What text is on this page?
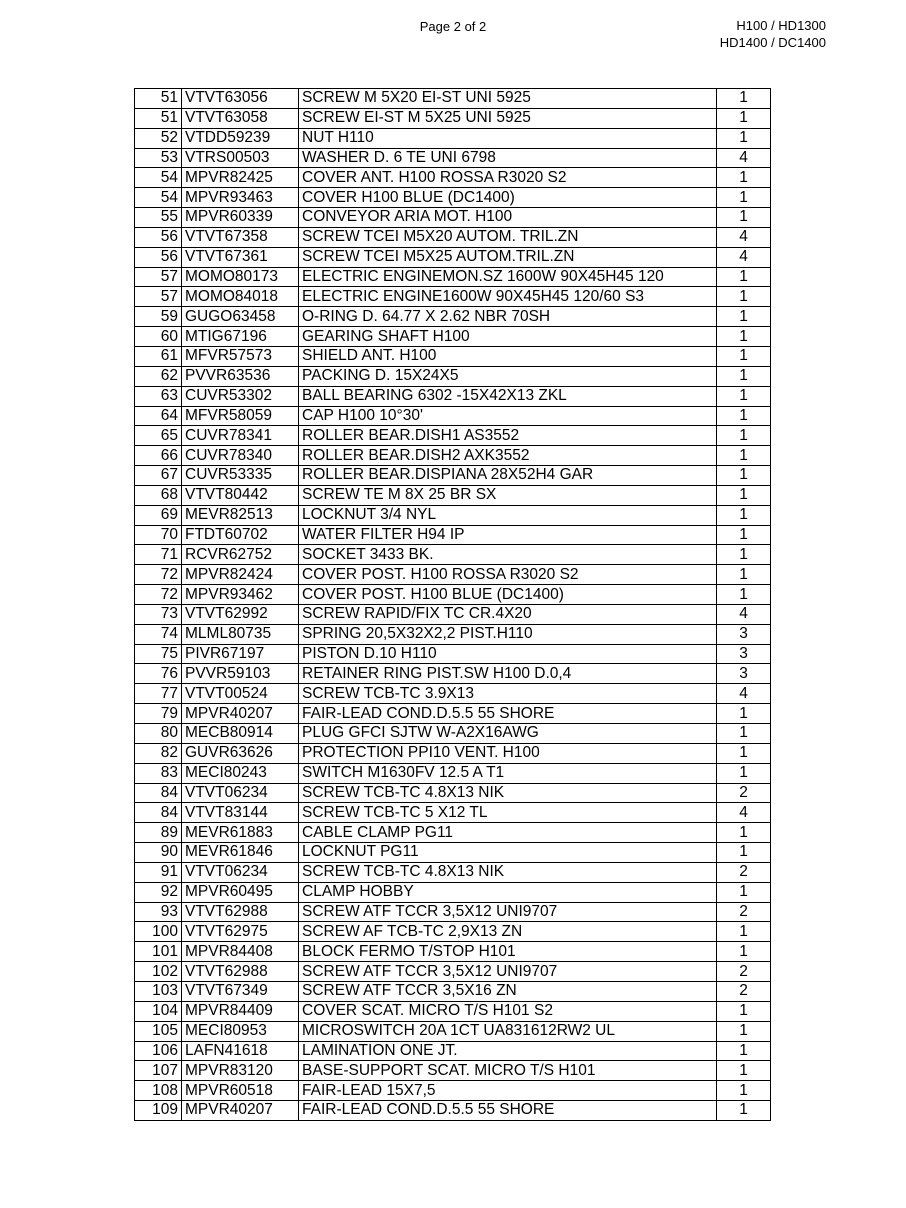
Page 2 of 2	H100 / HD1300
HD1400 / DC1400
51	VTVT63056	SCREW M 5X20 EI-ST UNI 5925	1
51	VTVT63058	SCREW EI-ST M 5X25 UNI 5925	1
52	VTDD59239	NUT H110	1
53	VTRS00503	WASHER D. 6 TE UNI 6798	4
54	MPVR82425	COVER ANT. H100 ROSSA R3020 S2	1
54	MPVR93463	COVER H100 BLUE (DC1400)	1
55	MPVR60339	CONVEYOR ARIA MOT. H100	1
56	VTVT67358	SCREW TCEI M5X20 AUTOM. TRIL.ZN	4
56	VTVT67361	SCREW TCEI M5X25 AUTOM.TRIL.ZN	4
57	MOMO80173	ELECTRIC ENGINEMON.SZ 1600W 90X45H45 120	1
57	MOMO84018	ELECTRIC ENGINE1600W 90X45H45 120/60 S3	1
59	GUGO63458	O-RING D. 64.77 X 2.62 NBR 70SH	1
60	MTIG67196	GEARING SHAFT H100	1
61	MFVR57573	SHIELD ANT. H100	1
62	PVVR63536	PACKING D. 15X24X5	1
63	CUVR53302	BALL BEARING 6302 -15X42X13 ZKL	1
64	MFVR58059	CAP H100 10°30'	1
65	CUVR78341	ROLLER BEAR.DISH1 AS3552	1
66	CUVR78340	ROLLER BEAR.DISH2 AXK3552	1
67	CUVR53335	ROLLER BEAR.DISPIANA 28X52H4 GAR	1
68	VTVT80442	SCREW TE M 8X 25 BR SX	1
69	MEVR82513	LOCKNUT 3/4 NYL	1
70	FTDT60702	WATER FILTER H94 IP	1
71	RCVR62752	SOCKET 3433 BK.	1
72	MPVR82424	COVER POST. H100 ROSSA R3020 S2	1
72	MPVR93462	COVER POST. H100 BLUE (DC1400)	1
73	VTVT62992	SCREW RAPID/FIX TC CR.4X20	4
74	MLML80735	SPRING 20,5X32X2,2 PIST.H110	3
75	PIVR67197	PISTON D.10 H110	3
76	PVVR59103	RETAINER RING PIST.SW H100 D.0,4	3
77	VTVT00524	SCREW TCB-TC 3.9X13	4
79	MPVR40207	FAIR-LEAD COND.D.5.5 55 SHORE	1
80	MECB80914	PLUG GFCI SJTW W-A2X16AWG	1
82	GUVR63626	PROTECTION PPI10 VENT. H100	1
83	MECI80243	SWITCH M1630FV 12.5 A T1	1
84	VTVT06234	SCREW TCB-TC 4.8X13 NIK	2
84	VTVT83144	SCREW TCB-TC 5 X12 TL	4
89	MEVR61883	CABLE CLAMP PG11	1
90	MEVR61846	LOCKNUT PG11	1
91	VTVT06234	SCREW TCB-TC 4.8X13 NIK	2
92	MPVR60495	CLAMP HOBBY	1
93	VTVT62988	SCREW ATF TCCR 3,5X12 UNI9707	2
100	VTVT62975	SCREW AF TCB-TC 2,9X13 ZN	1
101	MPVR84408	BLOCK FERMO T/STOP H101	1
102	VTVT62988	SCREW ATF TCCR 3,5X12 UNI9707	2
103	VTVT67349	SCREW ATF TCCR 3,5X16 ZN	2
104	MPVR84409	COVER SCAT. MICRO T/S H101 S2	1
105	MECI80953	MICROSWITCH 20A 1CT UA831612RW2 UL	1
106	LAFN41618	LAMINATION ONE JT.	1
107	MPVR83120	BASE-SUPPORT SCAT. MICRO T/S H101	1
108	MPVR60518	FAIR-LEAD 15X7,5	1
109	MPVR40207	FAIR-LEAD COND.D.5.5 55 SHORE	1
